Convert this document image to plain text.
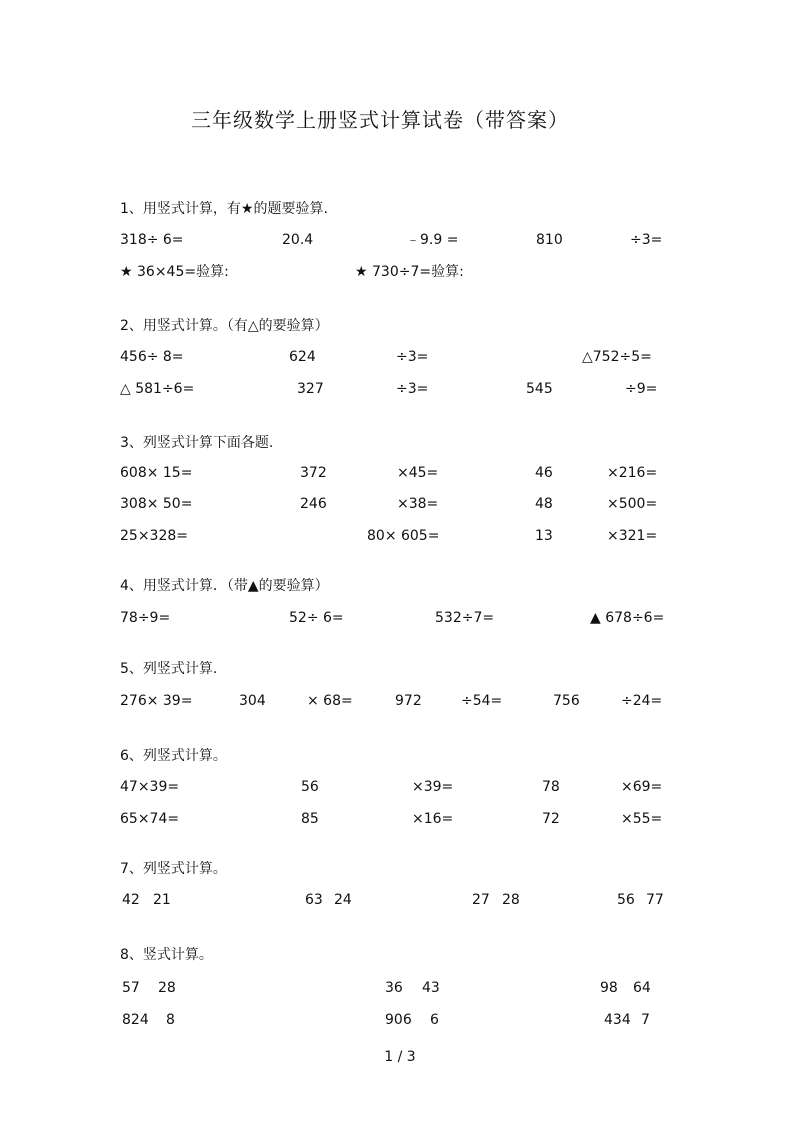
三年级数学上册竖式计算试卷（带答案）
1、用竖式计算，有★的题要验算.
318÷ 6=	20.4	﹣9.9 =	810	÷3=
★ 36×45=验算:	★ 730÷7=验算:
2、用竖式计算。（有△的要验算）
456÷ 8=	624	÷3=	△752÷5=
△ 581÷6=	327	÷3=	545	÷9=
3、列竖式计算下面各题.
608× 15=	372	×45=	46	×216=
308× 50=	246	×38=	48	×500=
25×328=	80× 605=	13	×321=
4、用竖式计算．（带▲的要验算）
78÷9=	52÷ 6=	532÷7=	▲ 678÷6=
5、列竖式计算.
276× 39=	304	× 68=	972	÷54=	756	÷24=
6、列竖式计算。
47×39=	56	×39=	78	×69=
65×74=	85	×16=	72	×55=
7、列竖式计算。
42 21	63 24	27 28	56 77
8、竖式计算。
57 28	36 43	98 64
824 8	906 6	434 7
1 / 3
